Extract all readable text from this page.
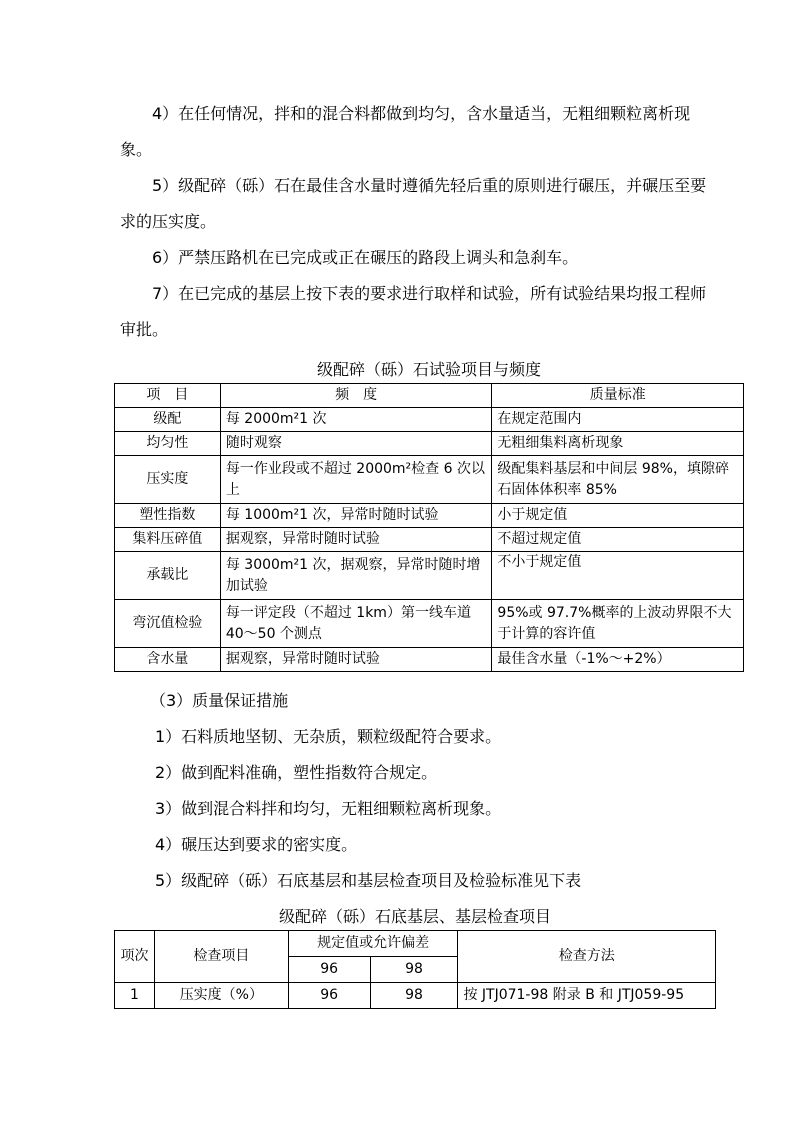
4）在任何情况，拌和的混合料都做到均匀，含水量适当，无粗细颗粒离析现象。
5）级配碎（砾）石在最佳含水量时遵循先轻后重的原则进行碾压，并碾压至要求的压实度。
6）严禁压路机在已完成或正在碾压的路段上调头和急刹车。
7）在已完成的基层上按下表的要求进行取样和试验，所有试验结果均报工程师审批。
级配碎（砾）石试验项目与频度
项　目	频　度	质量标准
级配	每 2000m²1 次	在规定范围内
均匀性	随时观察	无粗细集料离析现象
压实度	每一作业段或不超过 2000m²检查 6 次以上	级配集料基层和中间层 98%，填隙碎石固体体积率 85%
塑性指数	每 1000m²1 次，异常时随时试验	小于规定值
集料压碎值	据观察，异常时随时试验	不超过规定值
承载比	每 3000m²1 次，据观察，异常时随时增加试验	不小于规定值
弯沉值检验	每一评定段（不超过 1km）第一线车道 40～50 个测点	95%或 97.7%概率的上波动界限不大于计算的容许值
含水量	据观察，异常时随时试验	最佳含水量（-1%～+2%）
（3）质量保证措施
1）石料质地坚韧、无杂质，颗粒级配符合要求。
2）做到配料准确，塑性指数符合规定。
3）做到混合料拌和均匀，无粗细颗粒离析现象。
4）碾压达到要求的密实度。
5）级配碎（砾）石底基层和基层检查项目及检验标准见下表
级配碎（砾）石底基层、基层检查项目
项次	检查项目	规定值或允许偏差		检查方法
		96	98	
1	压实度（%）	96	98	按 JTJ071-98 附录 B 和 JTJ059-95
